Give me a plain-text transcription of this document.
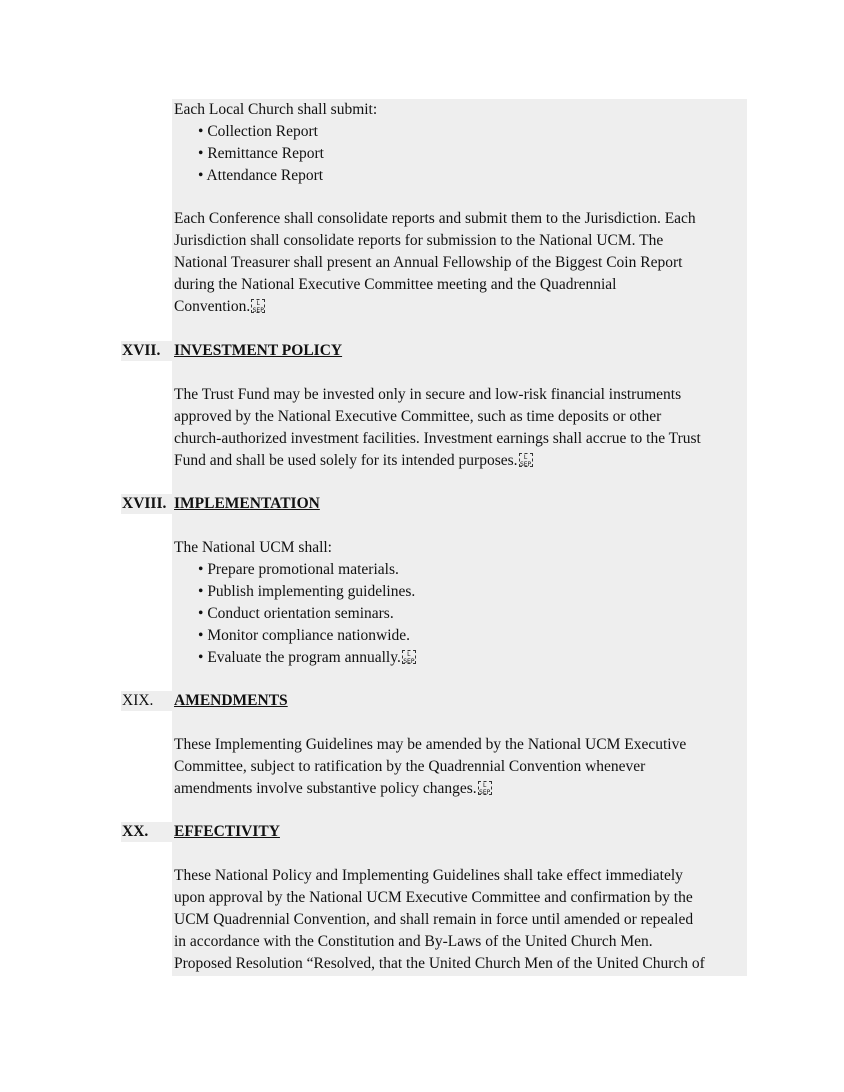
Each Local Church shall submit:
• Collection Report
• Remittance Report
• Attendance Report
Each Conference shall consolidate reports and submit them to the Jurisdiction. Each
Jurisdiction shall consolidate reports for submission to the National UCM. The
National Treasurer shall present an Annual Fellowship of the Biggest Coin Report
during the National Executive Committee meeting and the Quadrennial
Convention.	L
SEP
XVII. INVESTMENT POLICY
The Trust Fund may be invested only in secure and low-risk financial instruments
approved by the National Executive Committee, such as time deposits or other
church-authorized investment facilities. Investment earnings shall accrue to the Trust
Fund and shall be used solely for its intended purposes.	L
SEP
XVIII. IMPLEMENTATION
The National UCM shall:
• Prepare promotional materials.
• Publish implementing guidelines.
• Conduct orientation seminars.
• Monitor compliance nationwide.
• Evaluate the program annually.	L
SEP
XIX. AMENDMENTS
These Implementing Guidelines may be amended by the National UCM Executive
Committee, subject to ratification by the Quadrennial Convention whenever
amendments involve substantive policy changes.	L
SEP
XX. EFFECTIVITY
These National Policy and Implementing Guidelines shall take effect immediately
upon approval by the National UCM Executive Committee and confirmation by the
UCM Quadrennial Convention, and shall remain in force until amended or repealed
in accordance with the Constitution and By-Laws of the United Church Men.
Proposed Resolution “Resolved, that the United Church Men of the United Church of
